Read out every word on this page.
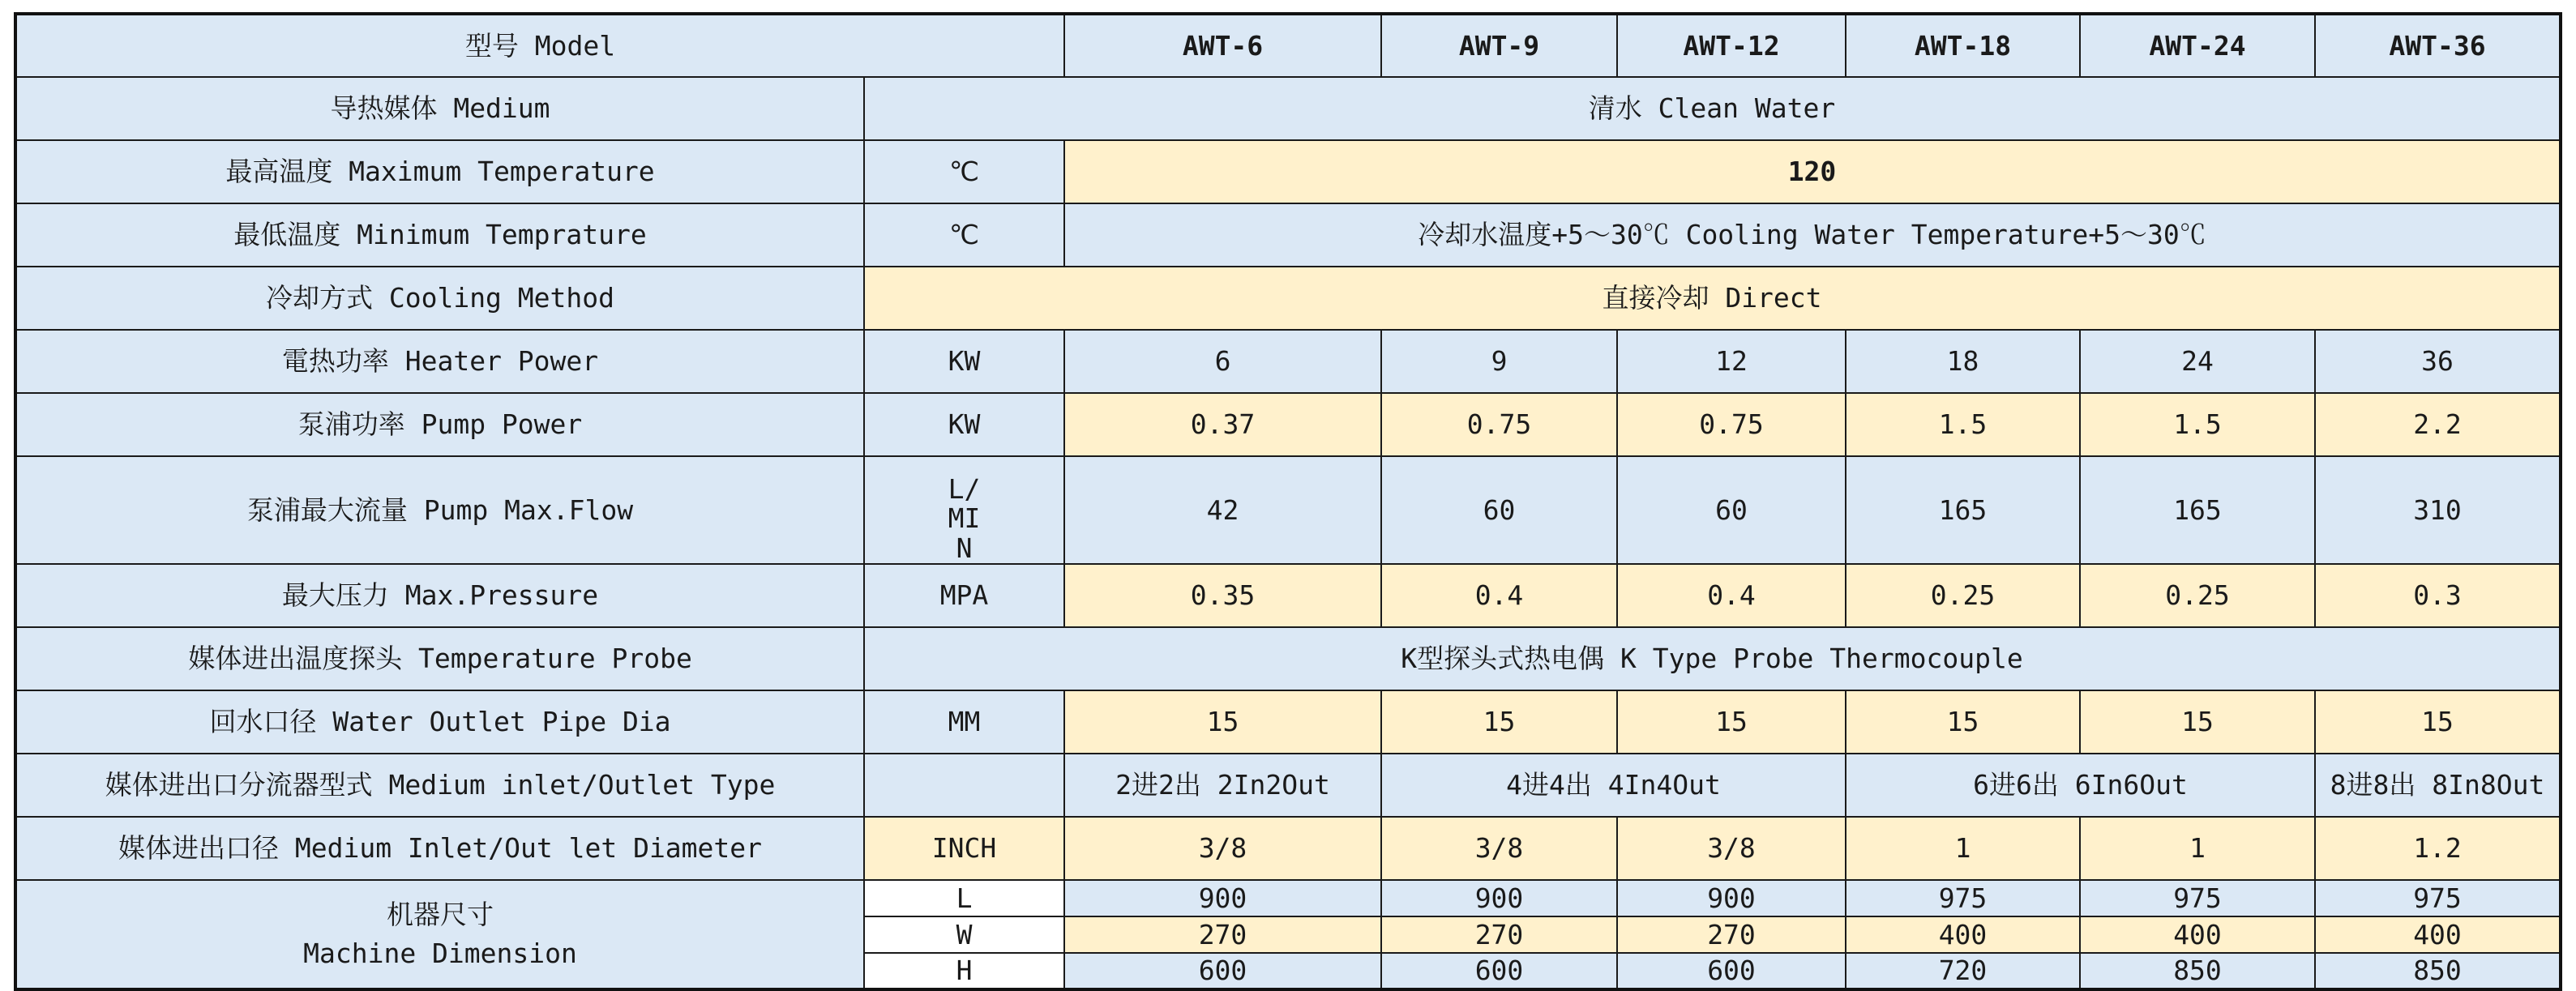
型号 Model		AWT-6	AWT-9	AWT-12	AWT-18	AWT-24	AWT-36
导热媒体 Medium	清水 Clean Water						
最高温度 Maximum Temperature	℃	120					
最低温度 Minimum Temprature	℃	冷却水温度+5～30℃ Cooling Water Temperature+5～30℃					
冷却方式 Cooling Method	直接冷却 Direct						
電热功率 Heater Power	KW	6	9	12	18	24	36
泵浦功率 Pump Power	KW	0.37	0.75	0.75	1.5	1.5	2.2
泵浦最大流量 Pump Max.Flow	L/MIN	42	60	60	165	165	310
最大压力 Max.Pressure	MPA	0.35	0.4	0.4	0.25	0.25	0.3
媒体进出温度探头 Temperature Probe	K型探头式热电偶 K Type Probe Thermocouple						
回水口径 Water Outlet Pipe Dia	MM	15	15	15	15	15	15
媒体进出口分流器型式 Medium inlet/Outlet Type		2进2出 2In2Out	4进4出 4In4Out		6进6出 6In6Out		8进8出 8In8Out
媒体进出口径 Medium Inlet/Out let Diameter	INCH	3/8	3/8	3/8	1	1	1.2

机器尺寸
Machine Dimension	L	900	900	900	975	975	975
	W	270	270	270	400	400	400
	H	600	600	600	720	850	850
